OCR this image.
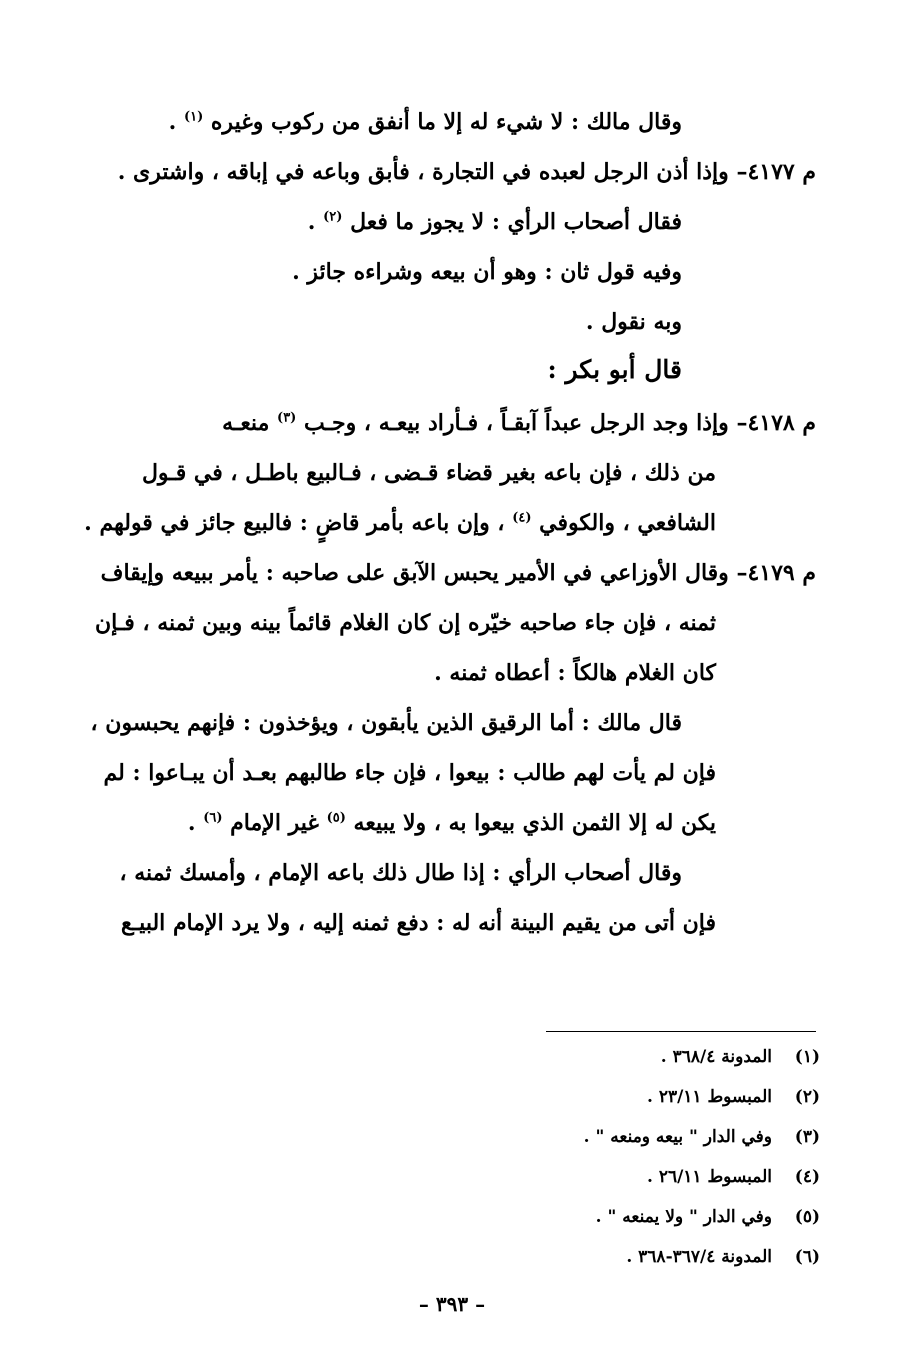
وقال مالك : لا شيء له إلا ما أنفق من ركوب وغيره $^{(١)}$ .
م ٤١٧٧– وإذا أذن الرجل لعبده في التجارة ، فأبق وباعه في إباقه ، واشترى .
فقال أصحاب الرأي : لا يجوز ما فعل $^{(٢)}$ .
وفيه قول ثان : وهو أن بيعه وشراءه جائز .
وبه نقول .
قال أبو بكر :
م ٤١٧٨– وإذا وجد الرجل عبداً آبقـاً ، فـأراد بيعـه ، وجـب $^{(٣)}$ منعـه
من ذلك ، فإن باعه بغير قضاء قـضى ، فـالبيع باطـل ، في قـول
الشافعي ، والكوفي $^{(٤)}$ ، وإن باعه بأمر قاضٍ : فالبيع جائز في قولهم .
م ٤١٧٩– وقال الأوزاعي في الأمير يحبس الآبق على صاحبه : يأمر ببيعه وإيقاف
ثمنه ، فإن جاء صاحبه خيّره إن كان الغلام قائماً بينه وبين ثمنه ، فـإن
كان الغلام هالكاً : أعطاه ثمنه .
قال مالك : أما الرقيق الذين يأبقون ، ويؤخذون : فإنهم يحبسون ،
فإن لم يأت لهم طالب : بيعوا ، فإن جاء طالبهم بعـد أن يبـاعوا : لم
يكن له إلا الثمن الذي بيعوا به ، ولا يبيعه $^{(٥)}$ غير الإمام $^{(٦)}$ .
وقال أصحاب الرأي : إذا طال ذلك باعه الإمام ، وأمسك ثمنه ،
فإن أتى من يقيم البينة أنه له : دفع ثمنه إليه ، ولا يرد الإمام البيـع
(١)المدونة ٣٦٨/٤ .
(٢)المبسوط ٢٣/١١ .
(٣)وفي الدار " بيعه ومنعه " .
(٤)المبسوط ٢٦/١١ .
(٥)وفي الدار " ولا يمنعه " .
(٦)المدونة ٣٦٧/٤-٣٦٨ .
– ٣٩٣ –
